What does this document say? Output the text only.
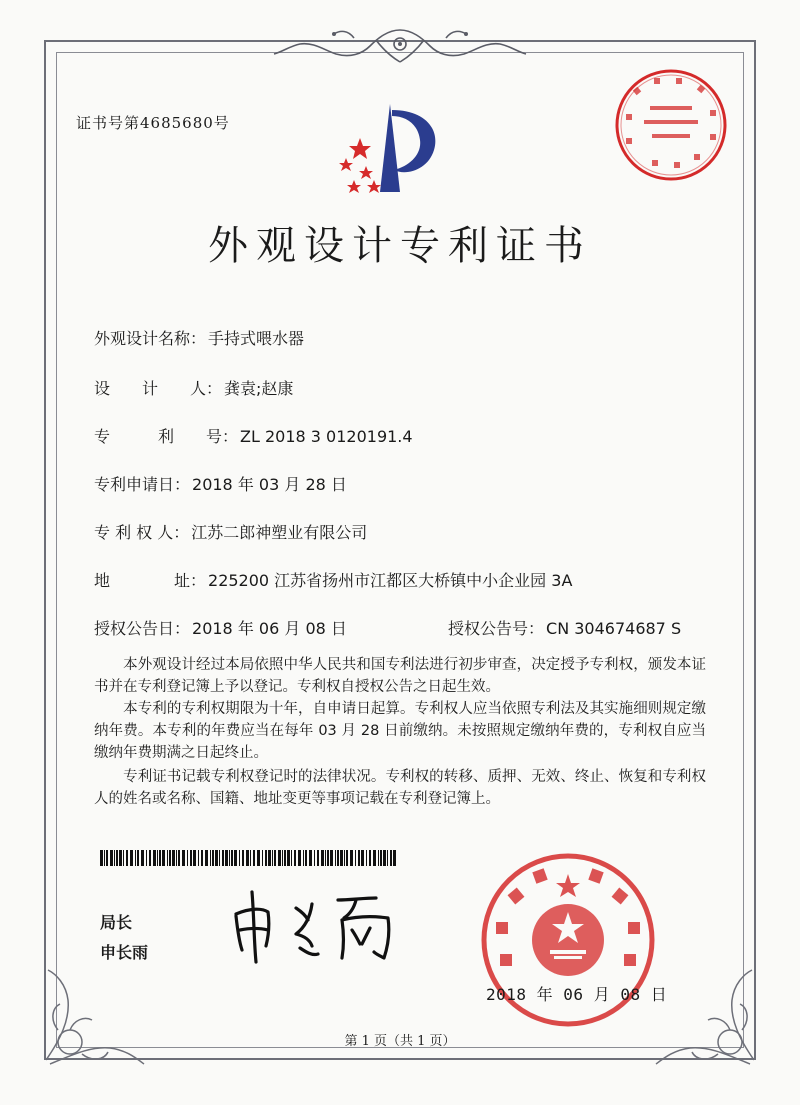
证书号第4685680号
外观设计专利证书
外观设计名称： 手持式喂水器
设　　计　　人： 龚袁;赵康
专　　　利　　号： ZL 2018 3 0120191.4
专利申请日： 2018 年 03 月 28 日
专 利 权 人： 江苏二郎神塑业有限公司
地　　　　址： 225200 江苏省扬州市江都区大桥镇中小企业园 3A
授权公告日： 2018 年 06 月 08 日	授权公告号： CN 304674687 S
　　本外观设计经过本局依照中华人民共和国专利法进行初步审查，决定授予专利权，颁发本证书并在专利登记簿上予以登记。专利权自授权公告之日起生效。
　　本专利的专利权期限为十年，自申请日起算。专利权人应当依照专利法及其实施细则规定缴纳年费。本专利的年费应当在每年 03 月 28 日前缴纳。未按照规定缴纳年费的，专利权自应当缴纳年费期满之日起终止。
　　专利证书记载专利权登记时的法律状况。专利权的转移、质押、无效、终止、恢复和专利权人的姓名或名称、国籍、地址变更等事项记载在专利登记簿上。
局长
申长雨
2018 年 06 月 08 日
第 1 页（共 1 页）
